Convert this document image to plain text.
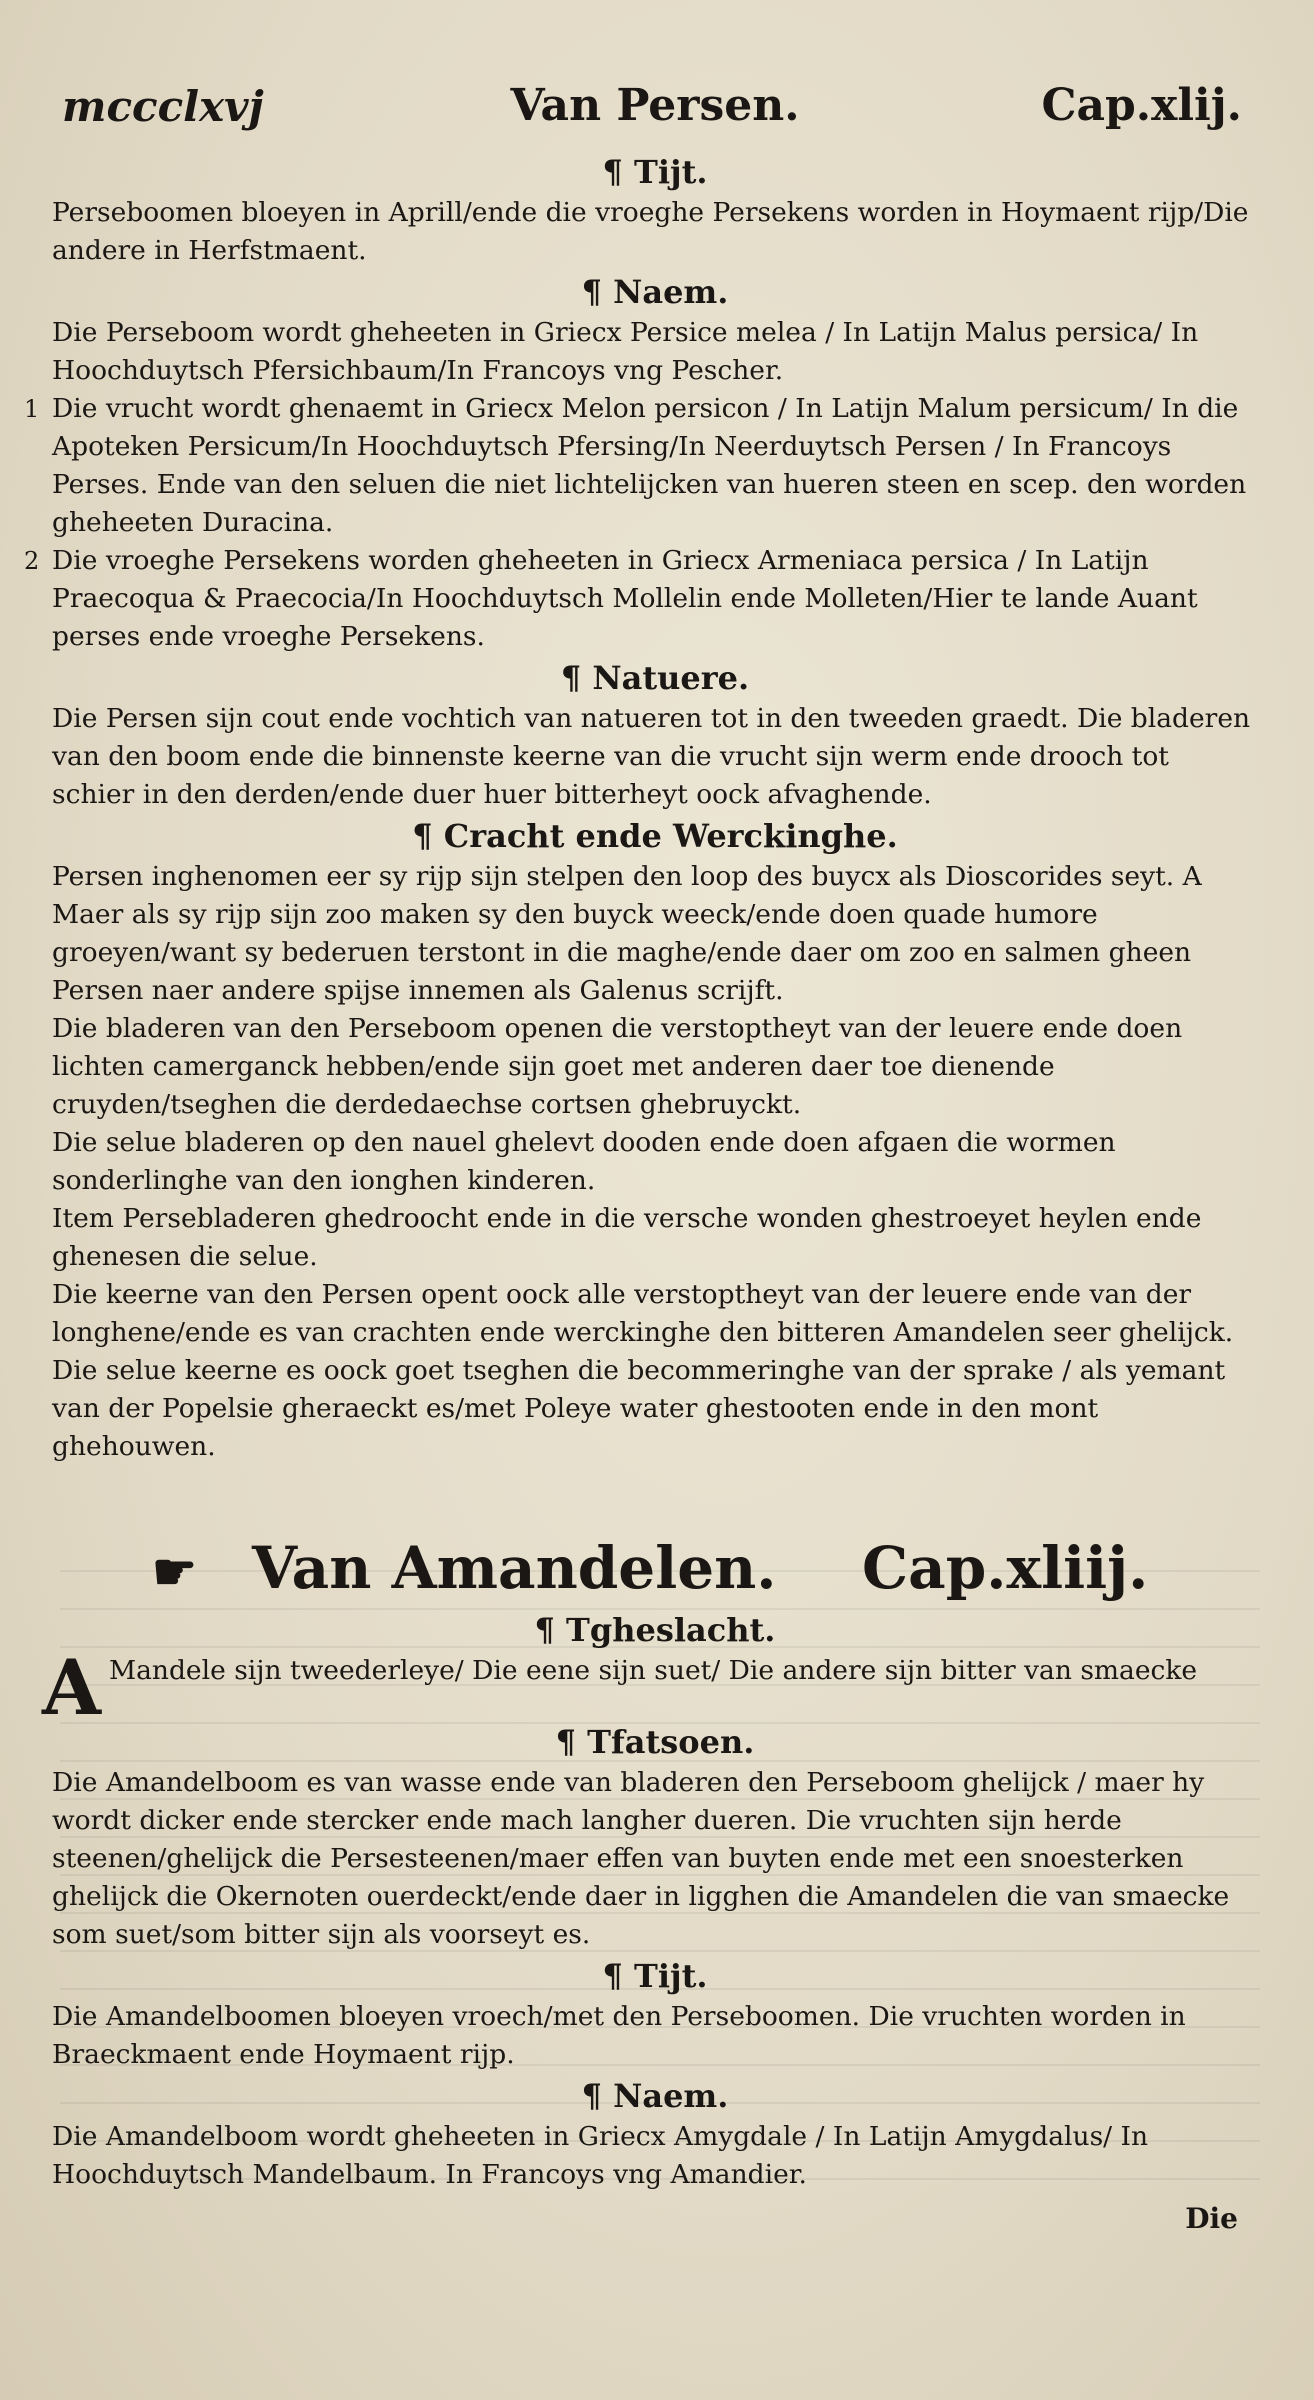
mccclxvj	Van Persen.	Cap.xlij.
¶ Tijt.

Perseboomen bloeyen in Aprill/ende die vroeghe Persekens worden in Hoymaent rijp/Die andere in Herfstmaent.

¶ Naem.

Die Perseboom wordt gheheeten in Griecx Persice melea / In Latijn Malus persica/ In Hoochduytsch Pfersichbaum/In Francoys vng Pescher.

1 Die vrucht wordt ghenaemt in Griecx Melon persicon / In Latijn Malum persicum/ In die Apoteken Persicum/In Hoochduytsch Pfersing/In Neerduytsch Persen / In Francoys Perses. Ende van den seluen die niet lichtelijcken van hueren steen en scep. den worden gheheeten Duracina.

2 Die vroeghe Persekens worden gheheeten in Griecx Armeniaca persica / In Latijn Praecoqua & Praecocia/In Hoochduytsch Mollelin ende Molleten/Hier te lande Auant perses ende vroeghe Persekens.

¶ Natuere.

Die Persen sijn cout ende vochtich van natueren tot in den tweeden graedt. Die bladeren van den boom ende die binnenste keerne van die vrucht sijn werm ende drooch tot schier in den derden/ende duer huer bitterheyt oock afvaghende.

¶ Cracht ende Werckinghe.

Persen inghenomen eer sy rijp sijn stelpen den loop des buycx als Dioscorides seyt. A Maer als sy rijp sijn zoo maken sy den buyck weeck/ende doen quade humore groeyen/want sy bederuen terstont in die maghe/ende daer om zoo en salmen gheen Persen naer andere spijse innemen als Galenus scrijft.

Die bladeren van den Perseboom openen die verstoptheyt van der leuere ende doen lichten camerganck hebben/ende sijn goet met anderen daer toe dienende cruyden/tseghen die derdedaechse cortsen ghebruyckt.

Die selue bladeren op den nauel ghelevt dooden ende doen afgaen die wormen sonderlinghe van den ionghen kinderen.

Item Persebladeren ghedroocht ende in die versche wonden ghestroeyet heylen ende ghenesen die selue.

Die keerne van den Persen opent oock alle verstoptheyt van der leuere ende van der longhene/ende es van crachten ende werckinghe den bitteren Amandelen seer ghelijck.

Die selue keerne es oock goet tseghen die becommeringhe van der sprake / als yemant van der Popelsie gheraeckt es/met Poleye water ghestooten ende in den mont ghehouwen.

☛ Van Amandelen. Cap.xliij.
¶ Tgheslacht.

A Mandele sijn tweederleye/ Die eene sijn suet/ Die andere sijn bitter van smaecke

¶ Tfatsoen.

Die Amandelboom es van wasse ende van bladeren den Perseboom ghelijck / maer hy wordt dicker ende stercker ende mach langher dueren. Die vruchten sijn herde steenen/ghelijck die Persesteenen/maer effen van buyten ende met een snoesterken ghelijck die Okernoten ouerdeckt/ende daer in ligghen die Amandelen die van smaecke som suet/som bitter sijn als voorseyt es.

¶ Tijt.

Die Amandelboomen bloeyen vroech/met den Perseboomen. Die vruchten worden in Braeckmaent ende Hoymaent rijp.

¶ Naem.

Die Amandelboom wordt gheheeten in Griecx Amygdale / In Latijn Amygdalus/ In Hoochduytsch Mandelbaum. In Francoys vng Amandier.

Die
